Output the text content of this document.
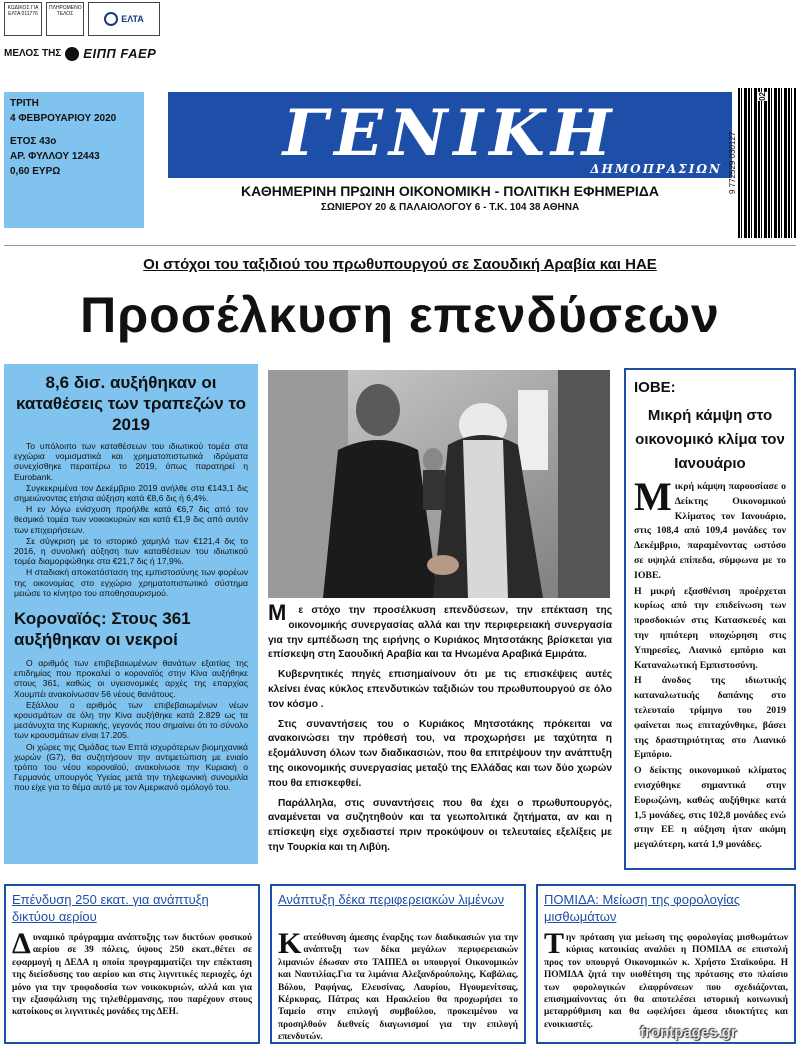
ΚΩΔΙΚΟΣ ΓΙΑ ΕΛΤΑ 011776
ΠΛΗΡΩΜΕΝΟ ΤΕΛΟΣ	ΕΛΤΑ
ΜΕΛΟΣ ΤΗΣ EIΠΠ FAEP
ΤΡΙΤΗ
4 ΦΕΒΡΟΥΑΡΙΟΥ 2020
ΕΤΟΣ 43ο
ΑΡ. ΦΥΛΛΟΥ 12443
0,60 ΕΥΡΩ
ΓΕΝΙΚΗ
ΔΗΜΟΠΡΑΣΙΩΝ
ΚΑΘΗΜΕΡΙΝΗ ΠΡΩΙΝΗ ΟΙΚΟΝΟΜΙΚΗ - ΠΟΛΙΤΙΚΗ ΕΦΗΜΕΡΙΔΑ
ΣΩΝΙΕΡΟΥ 20 & ΠΑΛΑΙΟΛΟΓΟΥ 6 - Τ.Κ. 104 38 ΑΘΗΝΑ
9 772529 030127
02
Οι στόχοι του ταξιδιού του πρωθυπουργού σε Σαουδική Αραβία και ΗΑΕ
Προσέλκυση επενδύσεων
8,6 δισ. αυξήθηκαν οι καταθέσεις των τραπεζών το 2019

Το υπόλοιπο των καταθέσεων του ιδιωτικού τομέα στα εγχώρια νομισματικά και χρηματοπιστωτικά ιδρύματα συνεχίσθηκε περαιτέρω το 2019, όπως παρατηρεί η Eurobank.

Συγκεκριμένα τον Δεκέμβριο 2019 ανήλθε στα €143,1 δις σημειώνοντας ετήσια αύξηση κατά €8,6 δις ή 6,4%.

Η εν λόγω ενίσχυση προήλθε κατά €6,7 δις από τον θεσμικό τομέα των νοικοκυριών και κατά €1,9 δις από αυτόν των επιχειρήσεων.

Σε σύγκριση με το ιστορικό χαμηλό των €121,4 δις το 2016, η συνολική αύξηση των καταθέσεων του ιδιωτικού τομέα διαμορφώθηκε στα €21,7 δις ή 17,9%.

Η σταδιακή αποκατάσταση της εμπιστοσύνης των φορέων της οικονομίας στο εγχώριο χρηματοπιστωτικό σύστημα μειώσε το κίνητρο του αποθησαυρισμού.

Κοροναϊός: Στους 361 αυξήθηκαν οι νεκροί

Ο αριθμός των επιβεβαιωμένων θανάτων εξαιτίας της επιδημίας που προκαλεί ο κοροναϊός στην Κίνα αυξήθηκε στους 361, καθώς οι υγειονομικές αρχές της επαρχίας Χουμπέι ανακοίνωσαν 56 νέους θανάτους.

Εξάλλου ο αριθμός των επιβεβαιωμένων νέων κρουσμάτων σε όλη την Κίνα αυξήθηκε κατά 2.829 ως τα μεσάνυχτα της Κυριακής, γεγονός που σημαίνει ότι το σύνολο των κρουσμάτων είναι 17.205.

Οι χώρες της Ομάδας των Επτά ισχυρότερων βιομηχανικά χωρών (G7), θα συζητήσουν την αντιμετώπιση με ενιαίο τρόπο του νέου κοροναϊού, ανακοίνωσε την Κυριακή ο Γερμανός υπουργός Υγείας μετά την τηλεφωνική συνομιλία που είχε για το θέμα αυτό με τον Αμερικανό ομόλογό του.

Μ ε στόχο την προσέλκυση επενδύσεων, την επέκταση της οικονομικής συνεργασίας αλλά και την περιφερειακή συνεργασία για την εμπέδωση της ειρήνης ο Κυριάκος Μητσοτάκης βρίσκεται για επίσκεψη στη Σαουδική Αραβία και τα Ηνωμένα Αραβικά Εμιράτα.

Κυβερνητικές πηγές επισημαίνουν ότι με τις επισκέψεις αυτές κλείνει ένας κύκλος επενδυτικών ταξιδιών του πρωθυπουργού σε όλο τον κόσμο .

Στις συναντήσεις του ο Κυριάκος Μητσοτάκης πρόκειται να ανακοινώσει την πρόθεσή του, να προχωρήσει με ταχύτητα η εξομάλυνση όλων των διαδικασιών, που θα επιτρέψουν την ανάπτυξη της οικονομικής συνεργασίας μεταξύ της Ελλάδας και των δύο χωρών που θα επισκεφθεί.

Παράλληλα, στις συναντήσεις που θα έχει ο πρωθυπουργός, αναμένεται να συζητηθούν και τα γεωπολιτικά ζητήματα, αν και η επίσκεψη είχε σχεδιαστεί πριν προκύψουν οι τελευταίες εξελίξεις με την Τουρκία και τη Λιβύη.

ΙΟΒΕ:
Μικρή κάμψη στο οικονομικό κλίμα τον Ιανουάριο

Μικρή κάμψη παρουσίασε ο Δείκτης Οικονομικού Κλίματος τον Ιανουάριο, στις 108,4 από 109,4 μονάδες τον Δεκέμβριο, παραμένοντας ωστόσο σε υψηλά επίπεδα, σύμφωνα με το ΙΟΒΕ.

Η μικρή εξασθένιση προέρχεται κυρίως από την επιδείνωση των προσδοκιών στις Κατασκευές και την ηπιότερη υποχώρηση στις Υπηρεσίες, Λιανικό εμπόριο και Καταναλωτική Εμπιστοσύνη.

Η άνοδος της ιδιωτικής καταναλωτικής δαπάνης στο τελευταίο τρίμηνο του 2019 φαίνεται πως επιταχύνθηκε, βάσει της δραστηριότητας στο Λιανικό Εμπόριο.

Ο δείκτης οικονομικού κλίματος ενισχύθηκε σημαντικά στην Ευρωζώνη, καθώς αυξήθηκε κατά 1,5 μονάδες, στις 102,8 μονάδες ενώ στην ΕΕ η αύξηση ήταν ακόμη μεγαλύτερη, κατά 1,9 μονάδες.

Επένδυση 250 εκατ. για ανάπτυξη δικτύου αερίου
Δυναμικό πρόγραμμα ανάπτυξης των δικτύων φυσικού αερίου σε 39 πόλεις, ύψους 250 εκατ.,θέτει σε εφαρμογή η ΔΕΔΑ η οποία προγραμματίζει την επέκταση της διείσδυσης του αερίου και στις λιγνιτικές περιοχές, όχι μόνο για την τροφοδοσία των νοικοκυριών, αλλά και για την εξασφάλιση της τηλεθέρμανσης, που παρέχουν στους κατοίκους οι λιγνιτικές μονάδες της ΔΕΗ.
Ανάπτυξη δέκα περιφερειακών λιμένων
Κατεύθυνση άμεσης έναρξης των διαδικασιών για την ανάπτυξη των δέκα μεγάλων περιφερειακών λιμανιών έδωσαν στο ΤΑΙΠΕΔ οι υπουργοί Οικονομικών και Ναυτιλίας.Για τα λιμάνια Αλεξανδρούπολης, Καβάλας, Βόλου, Ραφήνας, Ελευσίνας, Λαυρίου, Ηγουμενίτσας, Κέρκυρας, Πάτρας και Ηρακλείου θα προχωρήσει το Ταμείο στην επιλογή συμβούλου, προκειμένου να προσηλθούν διεθνείς διαγωνισμοί για την επιλογή επενδυτών.
ΠΟΜΙΔΑ: Μείωση της φορολογίας μισθωμάτων
Την πρόταση για μείωση της φορολογίας μισθωμάτων κύριας κατοικίας αναλύει η ΠΟΜΙΔΑ σε επιστολή προς τον υπουργό Οικονομικών κ. Χρήστο Σταϊκούρα. Η ΠΟΜΙΔΑ ζητά την υιοθέτηση της πρότασης στο πλαίσιο των φορολογικών ελαφρύνσεων που σχεδιάζονται, επισημαίνοντας ότι θα αποτελέσει ιστορική κοινωνική μεταρρύθμιση και θα ωφελήσει άμεσα ιδιοκτήτες και ενοικιαστές.	frontpages.gr
